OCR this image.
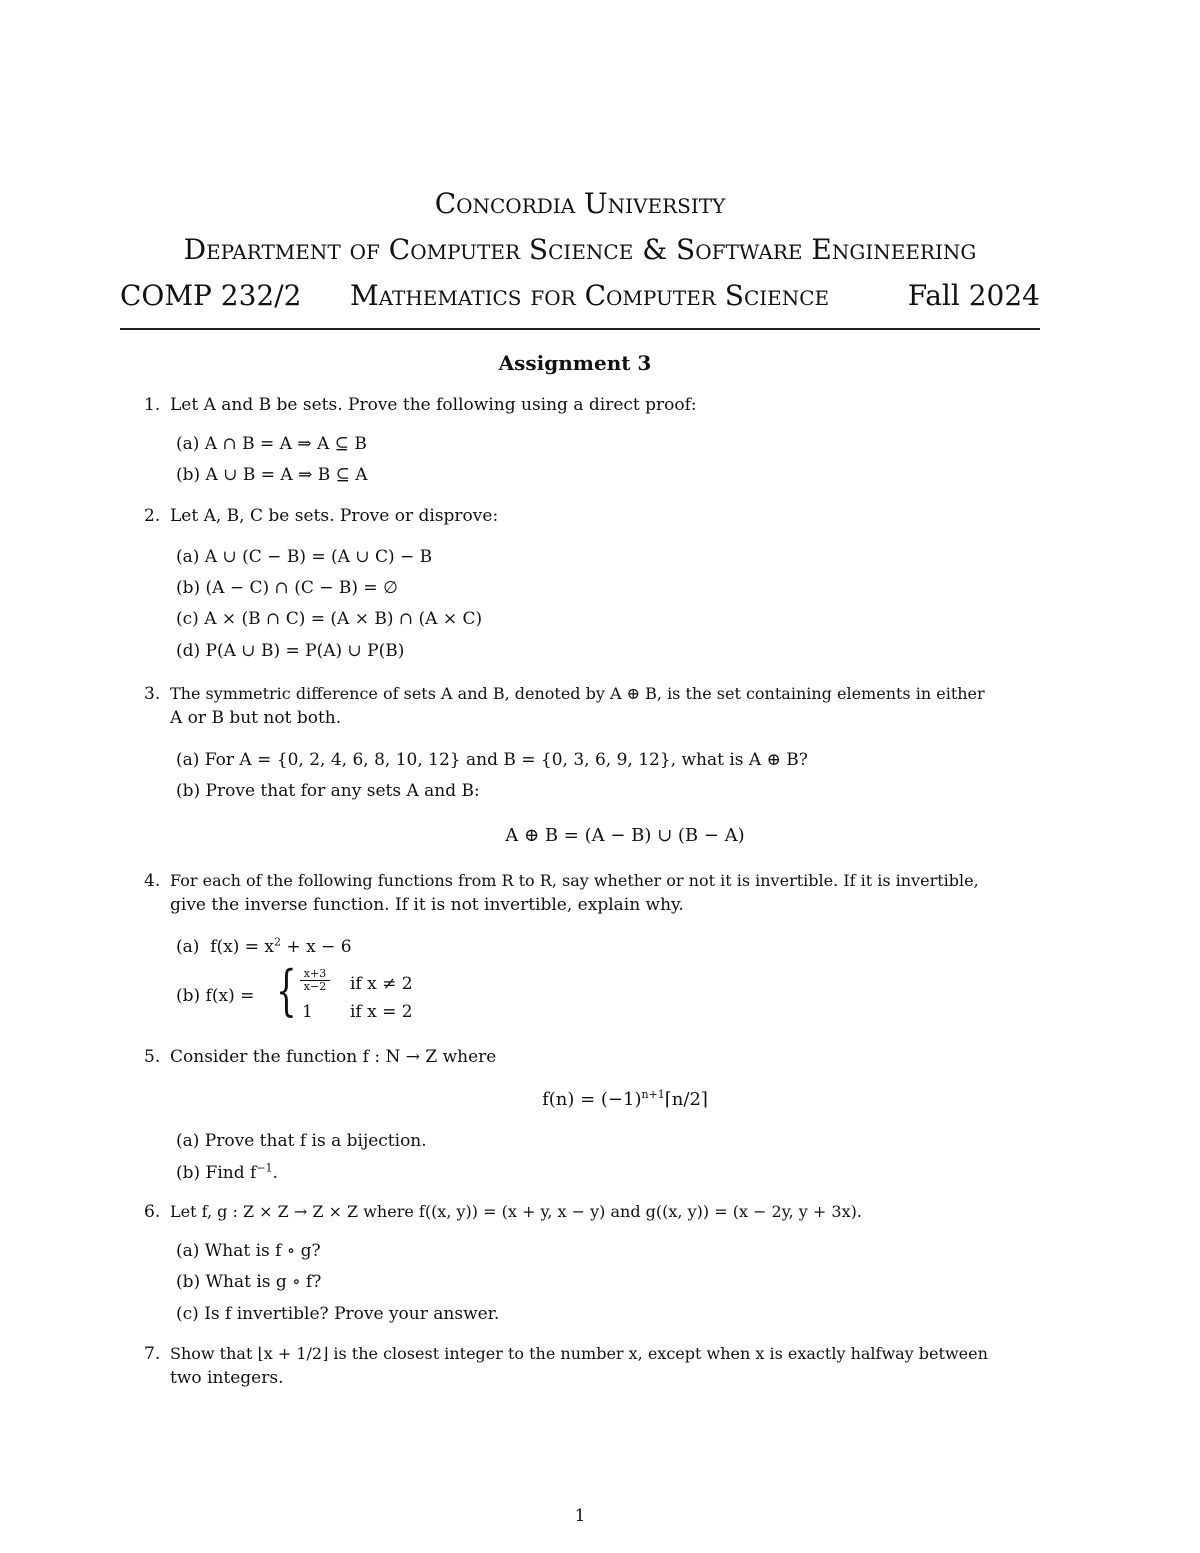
Concordia University
Department of Computer Science & Software Engineering
COMP 232/2 Mathematics for Computer Science	Fall 2024
Assignment 3
1. Let A and B be sets. Prove the following using a direct proof:
(a) A ∩ B = A ⇒ A ⊆ B
(b) A ∪ B = A ⇒ B ⊆ A
2. Let A, B, C be sets. Prove or disprove:
(a) A ∪ (C − B) = (A ∪ C) − B
(b) (A − C) ∩ (C − B) = ∅
(c) A × (B ∩ C) = (A × B) ∩ (A × C)
(d) P(A ∪ B) = P(A) ∪ P(B)
3. The symmetric difference of sets A and B, denoted by A ⊕ B, is the set containing elements in either
A or B but not both.
(a) For A = {0, 2, 4, 6, 8, 10, 12} and B = {0, 3, 6, 9, 12}, what is A ⊕ B?
(b) Prove that for any sets A and B:
A ⊕ B = (A − B) ∪ (B − A)
4. For each of the following functions from R to R, say whether or not it is invertible. If it is invertible,
give the inverse function. If it is not invertible, explain why.
(a) $f(x) = x^2 + x - 6$
(b) f(x) = { $\frac{x+3}{x-2}$ if x ≠ 2
1 if x = 2
5. Consider the function f : N → Z where
$f(n) = (-1)^{n+1}⌈n/2⌉$
(a) Prove that f is a bijection.
(b) Find $f^{-1}$.
6. Let f, g : Z × Z → Z × Z where f((x, y)) = (x + y, x − y) and g((x, y)) = (x − 2y, y + 3x).
(a) What is f ∘ g?
(b) What is g ∘ f?
(c) Is f invertible? Prove your answer.
7. Show that ⌊x + 1/2⌋ is the closest integer to the number x, except when x is exactly halfway between
two integers.
1
